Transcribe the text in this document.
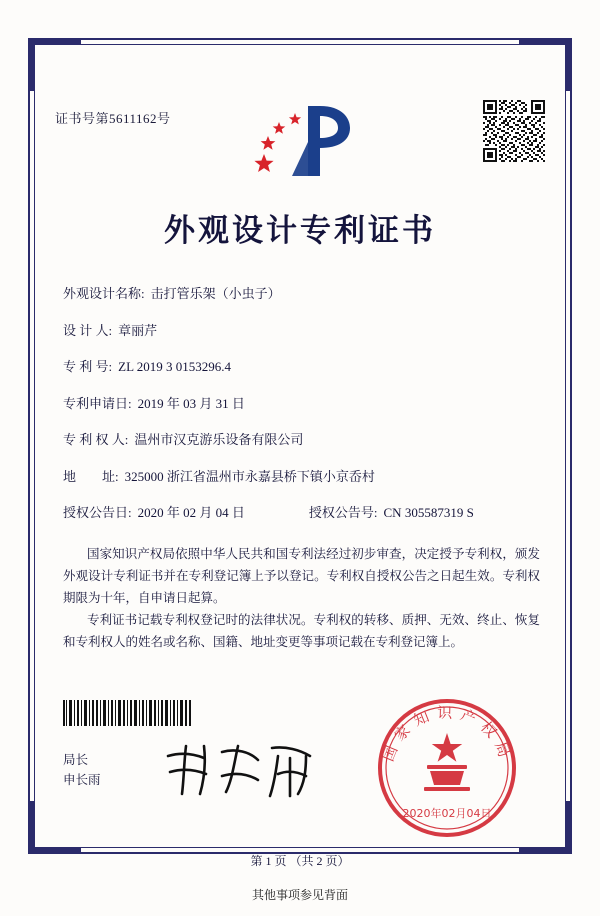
证书号第5611162号
外观设计专利证书
外观设计名称: 击打管乐架（小虫子）
设 计 人: 章丽芹
专 利 号: ZL 2019 3 0153296.4
专利申请日: 2019 年 03 月 31 日
专 利 权 人: 温州市汉克游乐设备有限公司
地        址: 325000 浙江省温州市永嘉县桥下镇小京岙村
授权公告日: 2020 年 02 月 04 日	授权公告号: CN 305587319 S
国家知识产权局依照中华人民共和国专利法经过初步审查，决定授予专利权，颁发外观设计专利证书并在专利登记簿上予以登记。专利权自授权公告之日起生效。专利权期限为十年，自申请日起算。
专利证书记载专利权登记时的法律状况。专利权的转移、质押、无效、终止、恢复和专利权人的姓名或名称、国籍、地址变更等事项记载在专利登记簿上。
国家知识产权局
2020年02月04日
局长
申长雨
第 1 页 （共 2 页）
其他事项参见背面
